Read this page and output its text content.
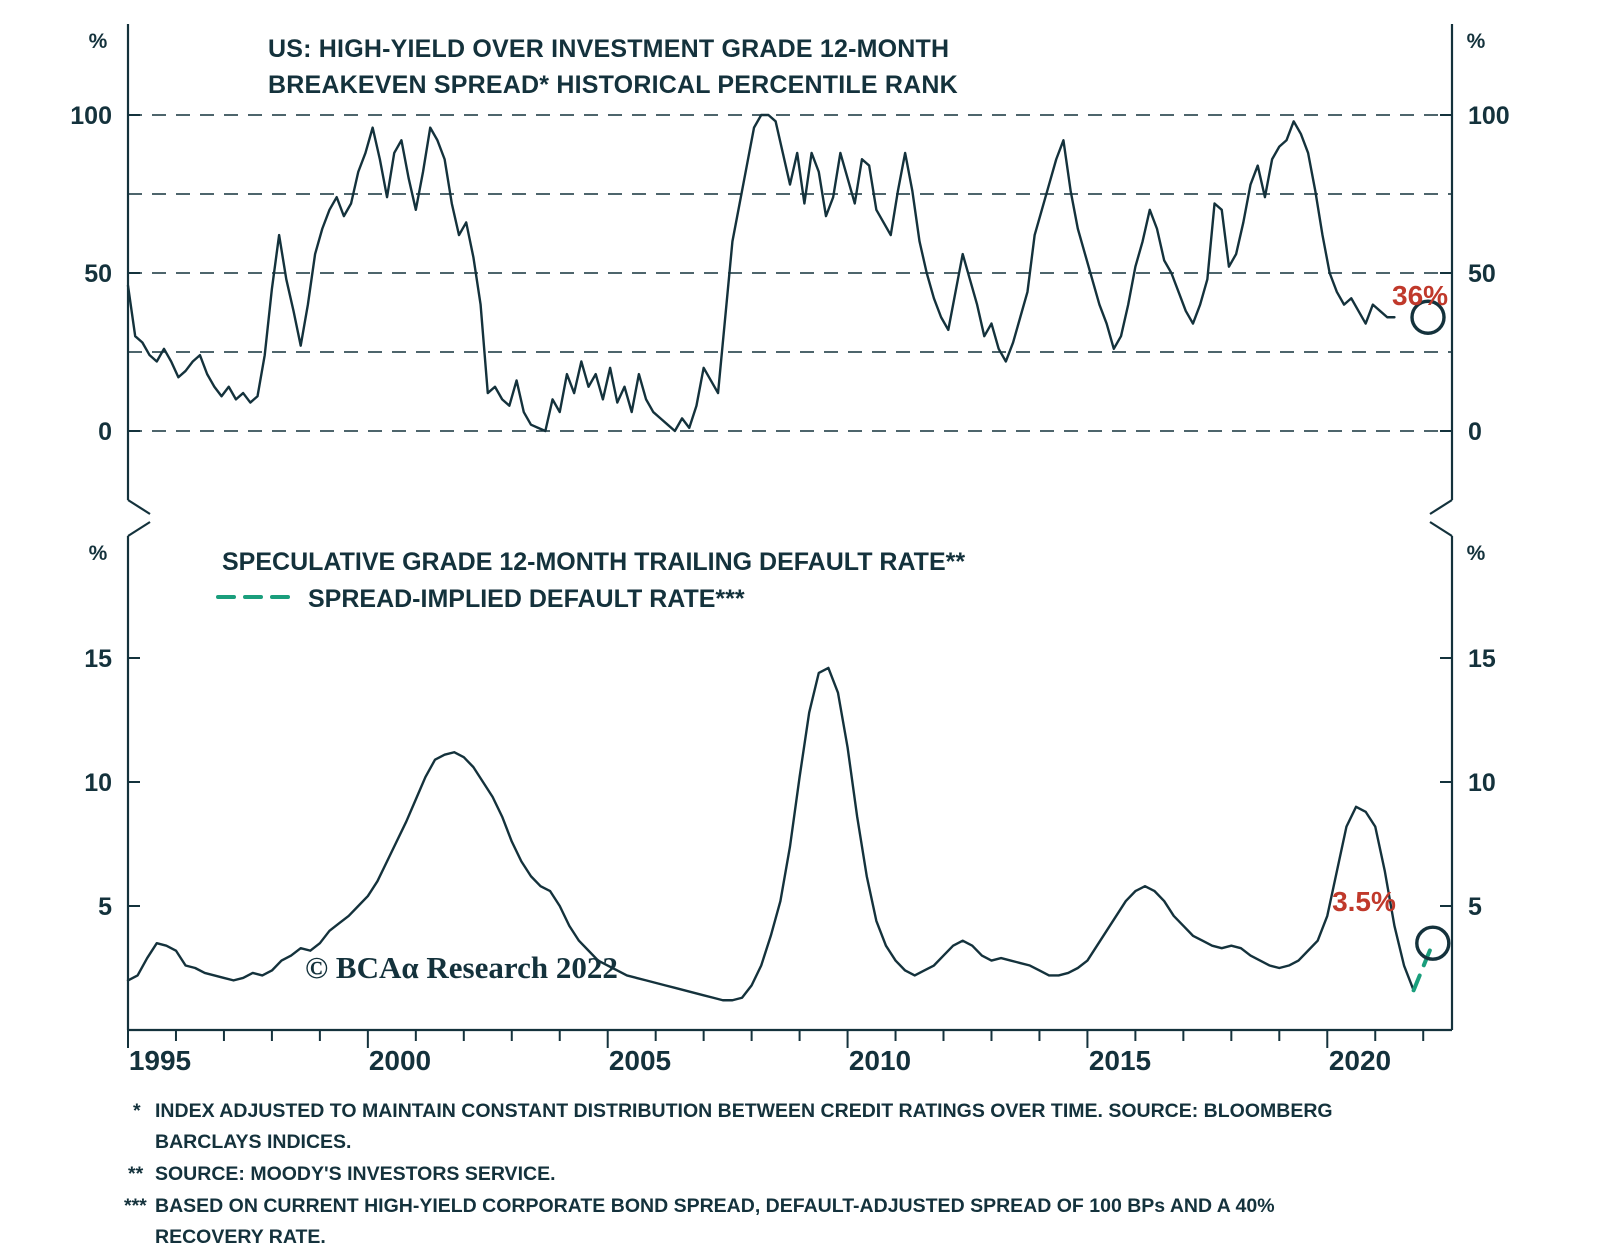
%	%
100
50
0
100
50
0
US: HIGH-YIELD OVER INVESTMENT GRADE 12-MONTH
BREAKEVEN SPREAD* HISTORICAL PERCENTILE RANK
36%
%	%
5
10
15
5
10
15
SPECULATIVE GRADE 12-MONTH TRAILING DEFAULT RATE**
SPREAD-IMPLIED DEFAULT RATE***
3.5%
1995	2000	2005	2010	2015	2020
© BCAα Research 2022
* INDEX ADJUSTED TO MAINTAIN CONSTANT DISTRIBUTION BETWEEN CREDIT RATINGS OVER TIME. SOURCE: BLOOMBERG
BARCLAYS INDICES.
** SOURCE: MOODY'S INVESTORS SERVICE.
*** BASED ON CURRENT HIGH-YIELD CORPORATE BOND SPREAD, DEFAULT-ADJUSTED SPREAD OF 100 BPs AND A 40%
RECOVERY RATE.
